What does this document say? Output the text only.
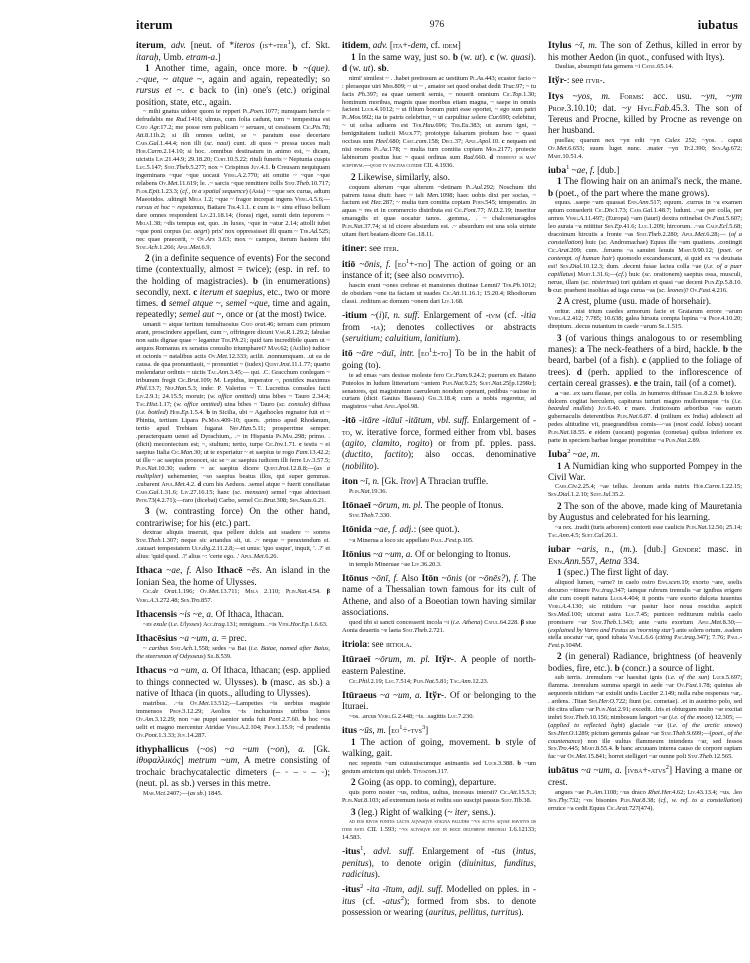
iterum	976	iubatus

iterum, adv. [neut. of *iteros (is+-ter$^1$), cf. Skt. ítaraḥ, Umb. etram-a.]

1 Another time, again, once more. b ~(que). .~que, ~ atque ~, again and again, repeatedly; so rursus et ~. c back to (in) one's (etc.) original position, state, etc., again.

~ mihi gnatus uideor quom te repperi Pl.Poen.1077; numquam hercle ~ defrudabis me Rud.1416; ulmus, cum folia cadunt, tum ~ tempestiua est Cato Agr.17.2; me posse rem publicam ~ seruare, ut cessissem Cic.Pis.78; Att.8.11b.2; si illi omnes uelint, se ~ paratum esse decertare Caes.Gal.1.44.4; non illi (sc. naui) cunt. .di quos ~ pressa uoces mali Hor.Carm.2.14.10; si hoc. .omnibus destinatum in animo est, ~ dicam, uicistis Liv.21.44.9; 29.18.20; Curt.10.5.22; rituli funeris ~ Neptunia cuspis Luc.5.147; Stat.Theb.5.277; nox ~ Crispinus Juv.4.1. b Creusam nequiquam ingeminans ~que ~que uocaui Verg.A.2.770; ait omitte ~ ~que ~que relabens Ov.Met.11.619; le. .~ sarcis ~que remittere ixills Stat.Theb.10.717; Flor.Epit.1.23.3; (cf., in a spatial sequence) (Asia) ~ ~que sex curua, adtum Maeotidos. .ultingit Mela 1.2; ~que ~ fragor increpat ingens Verg.A.5.6;—rursus et hoc ~ repetamus, Battare Tib.4.1.1. c cum is ~ sinu effuso bellum dare omnes respondent Liv.21.18.14; (foras) riget, sumit dein teporem ~ Mela1.38; ~dis tempus est, quo. .in luxes, ~que in ~atur 2.14; attolli iubet ~que poni corpus (sc. aegri) prix' nox oppressisset illi quam ~ Ter.Ad.525; nec quae praecerit, ~ Ov.Ars 3.63; mox ~ campos, iterum hastem tibi Stat.Ach.1.266; Apul.Met.6.9.

2 (in a definite sequence of events) For the second time (contextually, almost = twice); (esp. in ref. to the holding of magistracies). b (in enumerations) secondly, next. c iterum et saepius, etc., two or more times. d semel atque ~, semel ~que, time and again, repeatedly; semel aut ~, once or (at the most) twice.

umanii ~ atque tertium tumultuosius Cato orat.46; terram cum primum arant, proscindere appellant, cum ~, offringere dicunt Var.R.1.29.2; fabulae non satis dignae quae ~ legantur Ter.Ph.21; quid tam incredibile quam ut ~ aequos Romanus ex senatus consulto triumpharet? Man.62; (Acilio) iudicer et octonis ~ natalibus actis Ov.Met.12.333; acilii. .nonnumquam. .ut ea de causa. de qua pronuntiauit, ~ pronuntiet ~ (iudex) Quint.Inst.11.1.77; quarto molendarur ordinis ~ uictis Tac.Ann.3.45;— qui. .C. Gracchum conlegam ~ tribunum fregit Cic.Brut.109; M. Lepidus, imperator ~, pontifex maximus Phil.13.7; Nep.Han.5.3; inde: P. Valerius ~ T. Lucretius consules facti Liv.2.9.1; 24.15.5; moruir; (w. office omitted) uina bibes ~ Tauro 2.34.4; Tac.Hist.1.17; (w. office omitted) uina bibes ~ Tauro (sc. consule) diffusa (i.e. bottled) Hor.Ep.1.5.4. b in Sicilia, ubi ~ Agathocles regnator fuit et ~ Phintia, tertium Lipara Ps.Man.409-10; quem. .primo apud Rhodanum, tertio apud Trebiam fugarat Nep.Han.5.11; prosperrime semper. .peracterquam uenei ad Dyrachium,. .~ in Hispania Ps.Mal.298; primo. .(dicit) meconiectum est; ~, stultum; tertio, turpe Cic.Inv.1.71. c testis ~ ei saepius Italia Cic.Man.30; ut te experiatur ~ et saepius te rogo Fam.13.42.2; ut ille ~ ac saepius prouocet, sic se ~ ac saepius iudicem illi ferre Liv.3.57.5; Plin.Nat.10.30; eadem ~ ac saepius dicere Quint.Inst.12.8.8;—(as a multiplier) uehementer, ~so saepius beatus illos, qui super gemmas. .cubarent Apul.Met.4.2. d cum his Aeduos. .semel atque ~ fuerit consiliatae Caes.Gal.1.31.6; Liv.27.16.15; hanc (sc. mensam) semel ~que abiecisset Petr.73(4.2.71);—raro (dicebat) Carbo, semel Cic.Brut.308; Sen.Suas.6.21.

3 (w. contrasting force) On the other hand, contrariwise; for his (etc.) part.

dextrae aliquis inseruit, qua pellere dulcis aut suadere ~ sonros Stat.Theb.1.307; neque sic artandus sit, ut. .~ neque ~ peraxtendum ei. .causari tempestatem Ulp.dig.2.11.2.8;—et unus: 'quo usque', inquit, '. .?' et alius: 'quid quod. .?' alius ~: 'certe ego. .' Apul.Met.6.26.

Ithaca ~ae, f. Also Ithacē ~ēs. An island in the Ionian Sea, the home of Ulysses.

Cic.de Orat.1.196; Ov.Met.13.711; Mela 2.110; Plin.Nat.4.54. β Verg.A.3.272.48; Sen.Tro.857.

Ithacensis ~is ~e, a. Of Ithaca, Ithacan.

~es exule (i.e. Ulysses) Acc.trag.131; remigium. .~is Vitr.Hor.Ep.1.6.63.

Ithacēsius ~a ~um, a. = prec.

~ caribus Stat.Ach.1.558; sedes ~a Bai (i.e. Baiae, named after Baius, the steersman of Odysseus) Sil.8.539.

Ithacus ~a ~um, a. Of Ithaca, Ithacan; (esp. applied to things connected w. Ulysses). b (masc. as sb.) a native of Ithaca (in quots., alluding to Ulysses).

matribus. .~is Ov.Met.13.512;—Lampeties ~is uerbius magiste immensos Prop.3.12.29; Aeolios ~is inchusimus utribus lunos Ov.Am.3.12.29; non ~ae puppi saenior unda fuit Pont.2.7.60. b hoc ~os uelit et magno mercentur Atridae Verg.A.2.104; Prop.1.15.9; ~d prudentia Ov.Pont.1.3.33; Juv.14.287.

ithyphallicus (~os) ~a ~um (~on), a. [Gk. ἰθυφαλλικός] metrum ~um, A metre consisting of trochaic brachycatalectic dimeters (– ⏑ – ⏑ – ⏑); (neut. pl. as sb.) verses in this metre.

Mar.Vict.2407;—(as sb.) 1845.

itidem, adv. [ita+-dem, cf. idem]

1 In the same way, just so. b (w. ut). c (w. quasi). d (w. ut). sb.

nimi' similest ~ . .habet pretiosum ac uestitum Pl.As.443; ecastor facio ~ : pleraeque uiri Mer.809; ~ ut ~ , amator sei quod orabat dedit Truc.97; ~ tu facis Ph.397; ea quae uenerit semis, ~ nouerit omnium Cic.Top.1.30; hominum moribus, magnis quae moribus etiam magna, ~ saepe in omnis facient Lucr.4.1012; ~ ut filium bonum putri esse oportet, ~ ego sum patri Pl.Mos.992; ita te patris celebritur, ~ ut carpulitur solere Cur.690; celebitur, ~ ut celsa adluens est Ter.Hau.696; Ter.Eu.383; ut aurum igni, ~ benignitatem iudicii Macr.77; prototype falsarum probum hoc ~ quasi occisus sum Heel.680; Caec.com.158; Decl.37; Apul.Apol.10. c nequam est nisi recens Pl.As.178; ~ multa turn comitia copiam Mos.2177; proiecte labinorum positus huc ~ quasi ordinas sum Rud.660. d tenervnt is man' sceptrvm.—qvod tv facitas cotidie CIL 4.1936.

2 Likewise, similarly, also.

coquum alterum ~que alterum ~detinam Pl.Aul.292; Noschum tibi patrem iussa diuit: haec ~ tali Men.1098; haec uobis dixi per socias, ~ factum est Hec.287; ~ multa turn comitia copiam Poen.545; temperatio. .in aquas ~ res et in commercio distributa est Cic.Font.77; N.D.2.19; inseritur smaragdis et quae uocatur tanos. .gemma,. . ~ chalcosmaragdos Plin.Nat.37.74; si id cicere absurdum est. .~ absurdum est una sola uirtute uitam fieri beatam dicere Gel.18.11.

itiner: see iter.

itiō ~ōnis, f. $[eo^1+-tio]$ The action of going or an instance of it; (see also domvitio).

hascin erant ~ones crebrae et mansiones diutinae Lemni? Ter.Ph.1012; de obsidam ~one ita faciam ut suades Cic.Att.11.16.1; 15.20.4; Rhodiorum classi. .reditum ac domum ~onem dari Liv.1.68.

-itium ~(i)ī, n. suff. Enlargement of -ivm (cf. -itia from -ia); denotes collectives or abstracts (seruitium; caluitium, lanitium).

itō ~āre ~āuī, intr. $[eo^1\pm-to]$ To be in the habit of going (to).

te ad emas ~ars desisse moleste fero Cic.Fam.9.24.2; puerum ex Baiano Puteolos in ludum litterarium ~antem Plin.Nat.9.25; Suet.Nat.25[p.129Rr]; senatores, qui magistratum caeruleum nondum operant, pedibus ~auisse in curiam (dicit Gauius Bassus) Gel.3.18.4; cum a nobis regeretur, ad magistros ~abat Apul.Apol.98.

-itō -itāre -itāuī -itātum, vbl. suff. Enlargement of -to, w. iterative force, formed either from vbl. bases (agito, clamito, rogito) or from pf. pples. pass. (ductito, factito); also occas. denominative (nobilito).

iton ~ī, n. [Gk. ἴτον] A Thracian truffle.

Plin.Nat.19.36.

Itōnaeī ~ōrum, m. pl. The people of Itonus.

Stat.Theb.7.330.

Itōnida ~ae, f. adj.: (see quot.).

~a Minerua a loco sic appellato Paul..Fest.p.105.

Itōnius ~a ~um, a. Of or belonging to Itonus.

in templo Mineruae ~ae Liv.36.20.3.

Itōnus ~ōnī, f. Also Itōn ~ōnis (or ~ōnēs?), f. The name of a Thessalian town famous for its cult of Athene, and also of a Boeotian town having similar associations.

quod tibi si sancti concesserit incola ~i (i.e. Athena) Catul.64.228. β siue Aonia deuertis ~e laeta Stat.Theb.2.721.

itriola: see irtiola.

Itūraeī ~ōrum, m. pl. Itўr-. A people of north-eastern Palestine.

Cic.Phil.2.19; Luc.7.514; Plin.Nat.5.81; Tac.Ann.12.23.

Itūraeus ~a ~um, a. Itўr-. Of or belonging to the Ituraei.

~os. .arcus Verg.G.2.448; ~is. .sagittis Luc.7.230.

itus ~ūs, m. $[eo^1\div-tvs^3]$

1 The action of going, movement. b style of walking, gait.

nec repentis ~um cuiusuiscumque animantis sed Lucr.3.388. b ~um gestum amictum qui uideb. Tituscom.117.

2 Going (as opp. to coming), departure.

quis porro noster ~us, reditus, uultus, incessus intersit? Cic.Att.15.5.3; Plin.Nat.8.103; ad extremum isota et reditu suo suscipi passus Suet.Tib.38.

3 (leg.) Right of walking (~ iter, sens.).

ad eos rivos fontes lacvs aqvasqve stagna paludes ~vs actvs aqvae havstvs iis item esto CIL 1.593; ~vs acivsqve est in hoce delvbrvm feroniai 1.6.12133; 14.583.

-itus$^1$, advl. suff. Enlargement of -tus (intus, penitus), to denote origin (diuinitus, funditus, radicitus).

-itus$^2$ -ita -ītum, adjl. suff. Modelled on pples. in -itus (cf. -atus$^2$); formed from sbs. to denote possession or wearing (auritus, pellitus, turritus).

Itylus ~ī, m. The son of Zethus, killed in error by his mother Aedon (in quot., confused with Itys).

Daulias, absumpti fata gemens ~i Catul.65.14.

Itўr-: see itvr-.

Itys ~yos, m. Forms: acc. usu. ~yn, ~ym Prop.3.10.10; dat. ~y Hyg.Fab.45.3. The son of Tereus and Procne, killed by Procne as revenge on her husband.

puellas; quarum nex ~yn edit ~yn Culex 252; ~yos. . caput Ov.Met.6.653; suum luget nunc. .mater ~yn Tr.2.390; Sen.Ag.672; Mart.10.51.4.

iuba$^1$ ~ae, f. [dub.]

1 The flowing hair on an animal's neck, the mane. b (poet., of the part where the mane grows).

equus. .saepe ~am quassat Enn.Ann.517; equum. .currus in ~a examen apium consederit Cic.Div.1.73; Caes.Gal.1.48.7; ludunt. .~ae per colla, per armos Verg.A.11.497; (Europa) ~am (tauri) dextra retinebat Ov.Fast.5.607; leo aurata ~a mittitur Sen.Ep.41.6; Luc.1.209; hircorum. .~as Calp.Ecl.5.68; dracoinum hircutis a fronte ~as Stat.Theb.2.280; Apul.Met.6.28;— (of a constellation) huic (sc. Andromachae) Equus ille ~am quatiens. .contingit Cic.Arat.209; cum. .feruens ~a sanuiet leuuis Mart.9.90.12; (poet. or contempt. of human hair) quomodo excanduescunt, si quid ex ~a deuisata est! Sen.Dial.10.12.3; dum. .decent fusae lactea colla ~ae (i.e. of a puer capillatus) Mart.1.31.6;—(cf.) huic (sc. orationem) saepius ossa, musculi, nerue, illam (sc. nisterinus) tori quidam et quasi ~ae decent Plin.Ep.5.8.10. b cur. praebent insolitas ad iuga curua ~as (sc. leones)? Ov.Fast.4.216.

2 A crest, plume (usu. made of horsehair).

oritur. .nisi trium caedes armorum facie et Graiarum errore ~arum Verg.A.2.412; 7.785; 10.638; galea hirsuta compta lupina ~a Prop.4.10.20; direptum. .decus nutantum in caede ~arum Sil.1.515.

3 (of various things analogous to or resembling manes): a The neck-feathers of a bird, hackle. b the beard, barbel (of a fish). c (applied to the foliage of trees). d (perh. applied to the inflorescence of certain cereal grasses). e the train, tail (of a comet).

a ~ae. .ex uaru flauae, per colla. .in humeros diffusae Col.8.2.9. b tokvre dulcem cogitat herculem, capiturus turturi magno mullorumque ~is (i.e. bearded mullets) Juv.6.40. c mare. .fruticosum arboribus ~as earum gubernaculis deterentibus Plin.Nat.6.87. d (milium ex India) adolescit ad pedes altitudine vii, praegrandibus comis—~as (most codd. lobas) uocant Plin.Nat.18.55. e eidem (uocant) pogonias (cometas) quibus inferiore ex parte in speciem barbae longae promittitur ~a Plin.Nat.2.89.

Iuba$^2$ ~ae, m.

1 A Numidian king who supported Pompey in the Civil War.

Caes.Civ.2.25.4; ~ae tellus. .leonum arida nutrix Hor.Carm.1.22.15; Sen.Dial.1.2.10; Suet.Jul.35.2.

2 The son of the above, made king of Mauretania by Augustus and celebrated for his learning.

~a rex. .tradit (turis arborem) contorti esse caulicis Plin.Nat.12.56; 25.14; Tac.Ann.4.5; Suet.Cal.26.1.

iubar ~aris, n., (m.). [dub.] Gender: masc. in Enn.Ann.557, Aetna 334.

1 (spec.) The first light of day.

aliquod lumen, ~arne? in caelo ostro Enn.scen.19; exorto ~are, soelis decurso ~itinere Pac.trag.347; iamque rubrum tremulis ~ar ignibus erigere alte cum coepit natura Lucr.4.404; it pontis ~are exorto dulceta iuuentus Verg.A.4.130; sic nitidum ~ar pastur luce noua roscidus aspicit Sen.Med.100; uicerat astra Luc.7.45; puniceo rediturum nubila caelo promisere ~ar Stat.Theb.1.343; ante ~aris exortum Apul.Met.8.30;—(explained by Varro and Festus as 'morning star') ante solem ortum. .eadem stella uocatur ~ar, quod iubata Var.L.6.6 (citing Pac.trag.347); 7.76; Paul.-Fest.p.104M.

2 (in general) Radiance, brightness (of heavenly bodies, fire, etc.). b (concr.) a source of light.

sub terris. .tremulum ~ar haesitat ignis (i.e. of the sun) Lucr.5.697; flamma. .tremulum summa spargit in aede ~ar Ov.Fast.1.78; quintus ab aequoreis nitidum ~ar extulit undis Lucifer 2.149; nulla rube respersus ~ar,. . ardens. .Titan Sen.Her.O.722; fiunt (sc. cometae). .et in austrino polo, sed ibi citra ullam ~ar Plin.Nat.2.91; excedit. .Iris et obturgum multo ~ar excitat imbri Stat.Theb.10.156; nimbosum langort ~ar (i.e. of the moon) 12.305; —(applied to reflected light) glaciale ~ar (i.e. of the arctic snows) Sen.Her.O.1289; pictum gemmis galeae ~ar Stat.Theb.9.699;—(poet., of the countenance) non ille uultus flammeum intendens ~ar, sed fessos Sen.Tro.445; Mart.8.55.4. b hanc arcuuam interea causo de corpore raptam fac ~ar Ov.Met.15.841; horret stelligeri ~ar ounne poli Stat.Theb.12.565.

iubātus ~a ~um, a. [ivba+-atvs$^2$] Having a mane or crest.

angues ~ae Pl.Am.1108; ~us draco Rhet.Her.4.62; Liv.43.13.4; ~us. .leo Sen.Thy.732; ~os bisontes Plin.Nat.8.38; (cf., w. ref. to a constellation) erruice ~a cedit Equus Cic.Arat.727(474).
